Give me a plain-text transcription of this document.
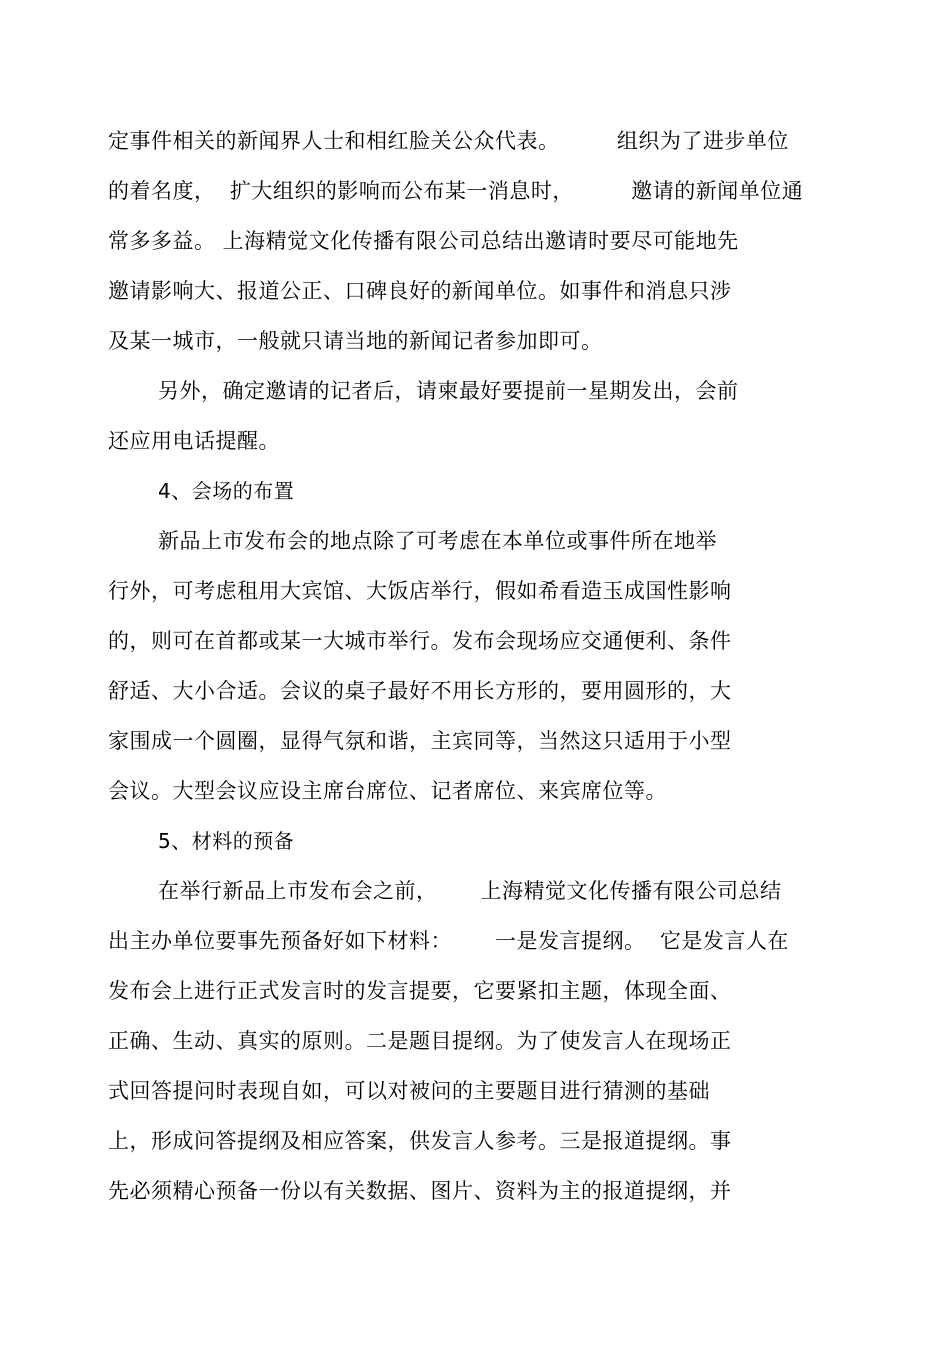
定事件相关的新闻界人士和相红脸关公众代表。        组织为了进步单位
的着名度，  扩大组织的影响而公布某一消息时，        邀请的新闻单位通
常多多益。 上海精觉文化传播有限公司总结出邀请时要尽可能地先
邀请影响大、报道公正、口碑良好的新闻单位。如事件和消息只涉
及某一城市，一般就只请当地的新闻记者参加即可。
另外，确定邀请的记者后，请柬最好要提前一星期发出，会前
还应用电话提醒。
4、会场的布置
新品上市发布会的地点除了可考虑在本单位或事件所在地举
行外，可考虑租用大宾馆、大饭店举行，假如希看造玉成国性影响
的，则可在首都或某一大城市举行。发布会现场应交通便利、条件
舒适、大小合适。会议的桌子最好不用长方形的，要用圆形的，大
家围成一个圆圈，显得气氛和谐，主宾同等，当然这只适用于小型
会议。大型会议应设主席台席位、记者席位、来宾席位等。
5、材料的预备
在举行新品上市发布会之前，      上海精觉文化传播有限公司总结
出主办单位要事先预备好如下材料：      一是发言提纲。  它是发言人在
发布会上进行正式发言时的发言提要，它要紧扣主题，体现全面、
正确、生动、真实的原则。二是题目提纲。为了使发言人在现场正
式回答提问时表现自如，可以对被问的主要题目进行猜测的基础
上，形成问答提纲及相应答案，供发言人参考。三是报道提纲。事
先必须精心预备一份以有关数据、图片、资料为主的报道提纲，并
